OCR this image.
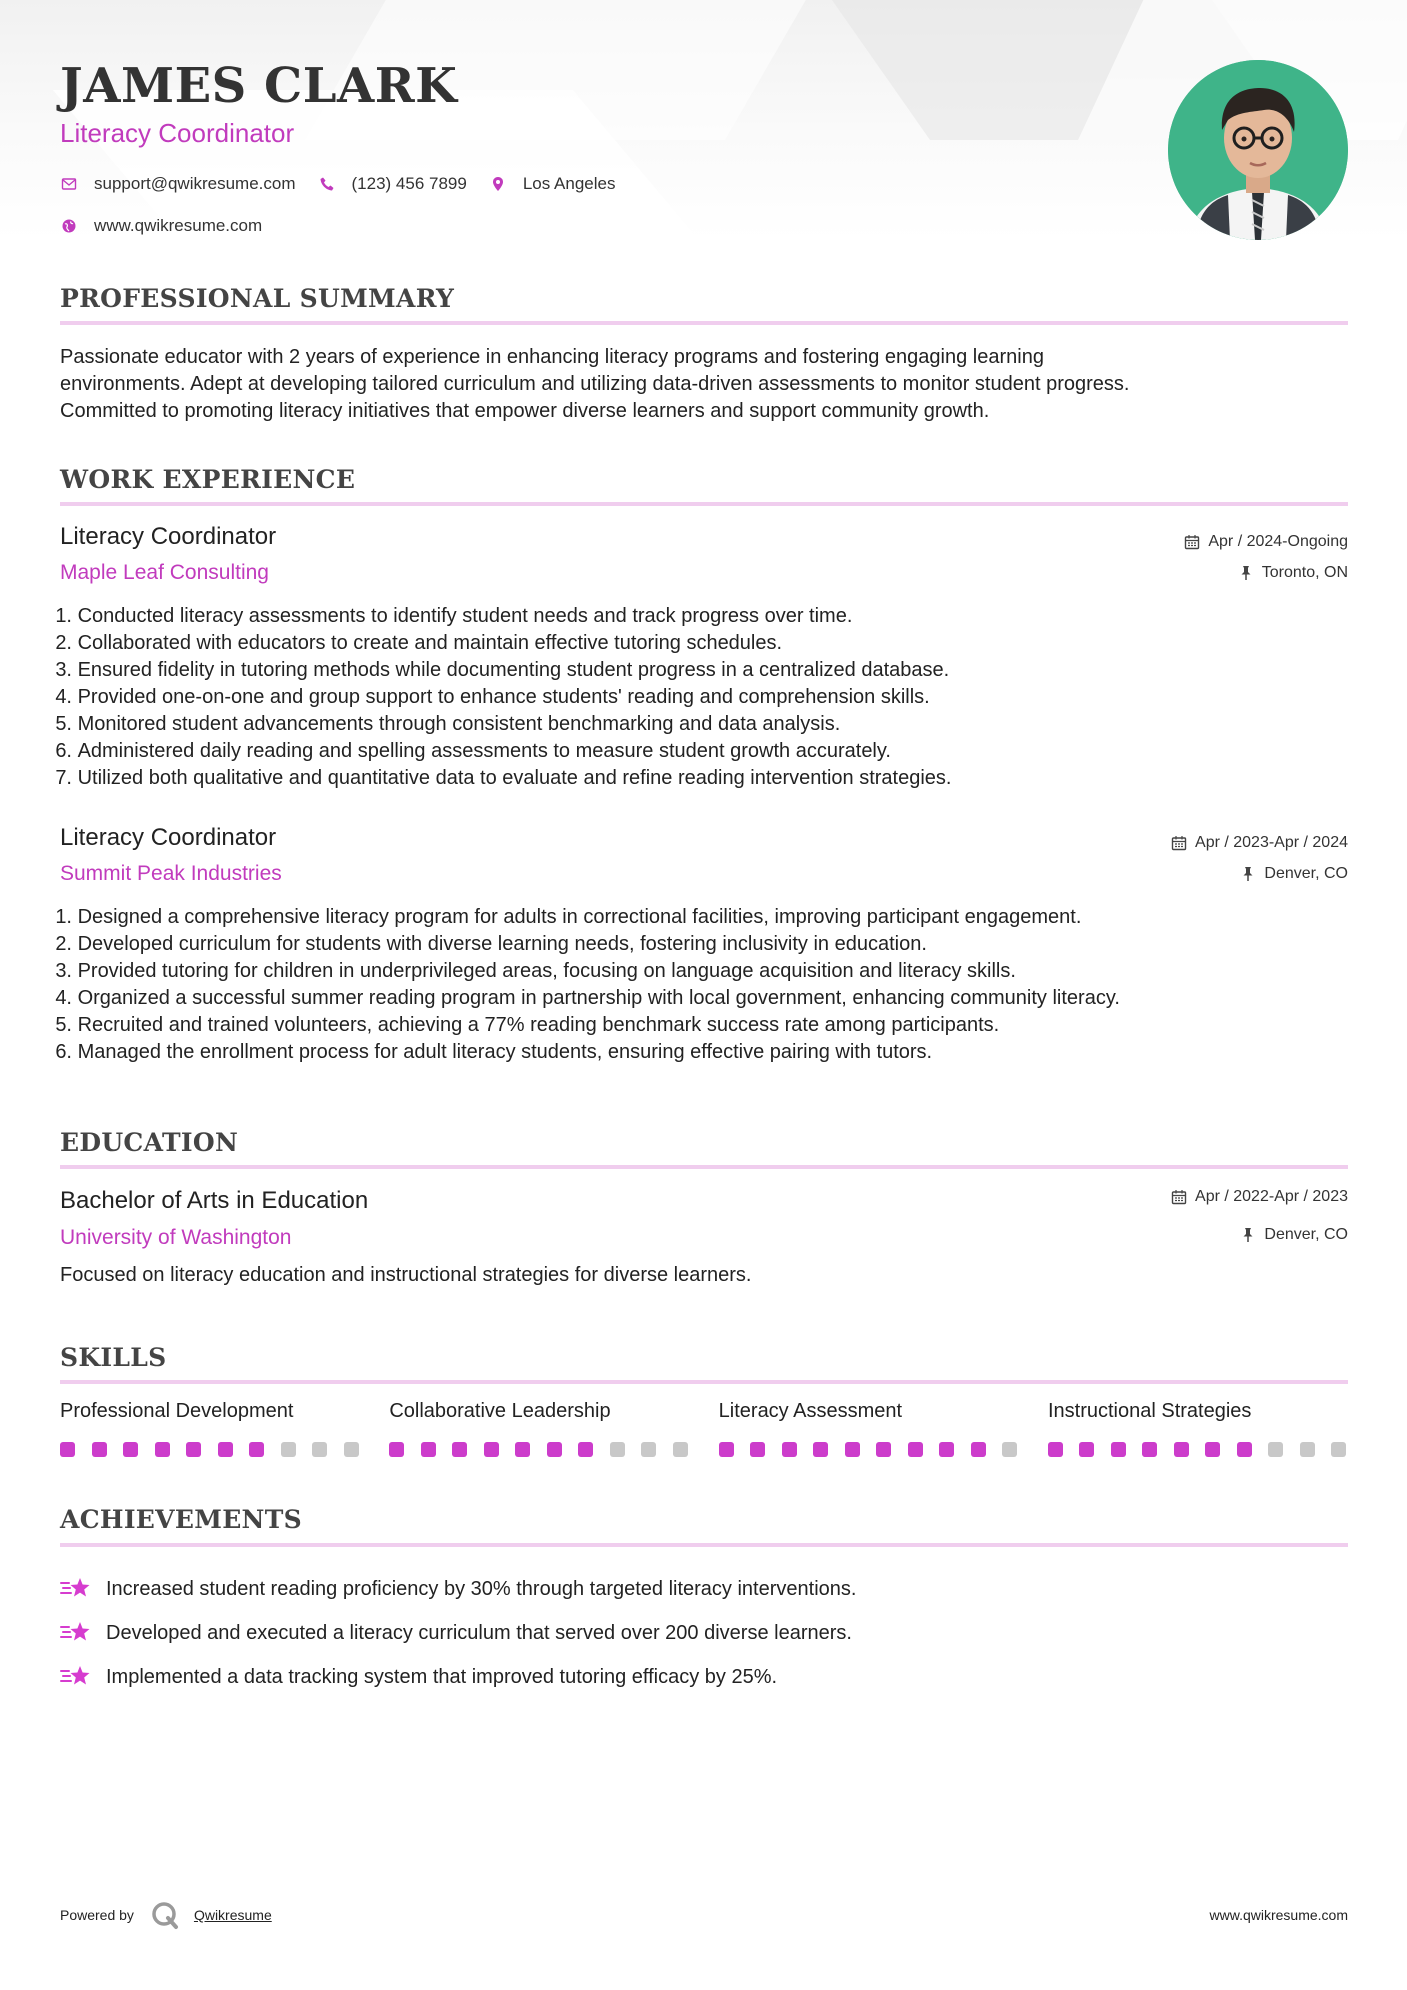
JAMES CLARK
Literacy Coordinator
support@qwikresume.com	(123) 456 7899	Los Angeles
www.qwikresume.com
PROFESSIONAL SUMMARY
Passionate educator with 2 years of experience in enhancing literacy programs and fostering engaging learning
environments. Adept at developing tailored curriculum and utilizing data-driven assessments to monitor student progress.
Committed to promoting literacy initiatives that empower diverse learners and support community growth.
WORK EXPERIENCE
Literacy Coordinator
Maple Leaf Consulting
Apr / 2024-Ongoing
Toronto, ON
1.
Conducted literacy assessments to identify student needs and track progress over time.
2.
Collaborated with educators to create and maintain effective tutoring schedules.
3.
Ensured fidelity in tutoring methods while documenting student progress in a centralized database.
4.
Provided one-on-one and group support to enhance students' reading and comprehension skills.
5.
Monitored student advancements through consistent benchmarking and data analysis.
6.
Administered daily reading and spelling assessments to measure student growth accurately.
7.
Utilized both qualitative and quantitative data to evaluate and refine reading intervention strategies.
Literacy Coordinator
Summit Peak Industries
Apr / 2023-Apr / 2024
Denver, CO
1.
Designed a comprehensive literacy program for adults in correctional facilities, improving participant engagement.
2.
Developed curriculum for students with diverse learning needs, fostering inclusivity in education.
3.
Provided tutoring for children in underprivileged areas, focusing on language acquisition and literacy skills.
4.
Organized a successful summer reading program in partnership with local government, enhancing community literacy.
5.
Recruited and trained volunteers, achieving a 77% reading benchmark success rate among participants.
6.
Managed the enrollment process for adult literacy students, ensuring effective pairing with tutors.
EDUCATION
Bachelor of Arts in Education
University of Washington
Apr / 2022-Apr / 2023
Denver, CO
Focused on literacy education and instructional strategies for diverse learners.
SKILLS
Professional Development	Collaborative Leadership	Literacy Assessment	Instructional Strategies
ACHIEVEMENTS
Increased student reading proficiency by 30% through targeted literacy interventions.
Developed and executed a literacy curriculum that served over 200 diverse learners.
Implemented a data tracking system that improved tutoring efficacy by 25%.
Powered by	Qwikresume	www.qwikresume.com
